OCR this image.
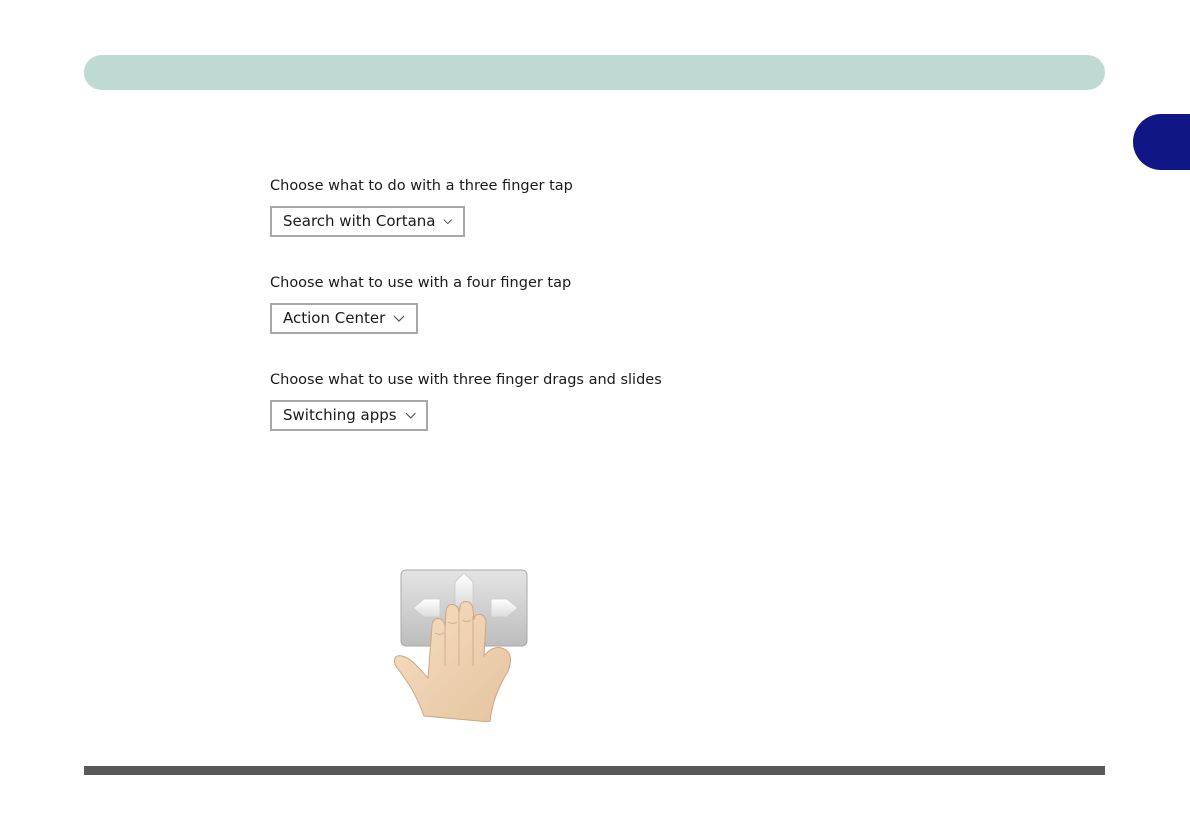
Choose what to do with a three finger tap
Search with Cortana
Choose what to use with a four finger tap
Action Center
Choose what to use with three finger drags and slides
Switching apps
